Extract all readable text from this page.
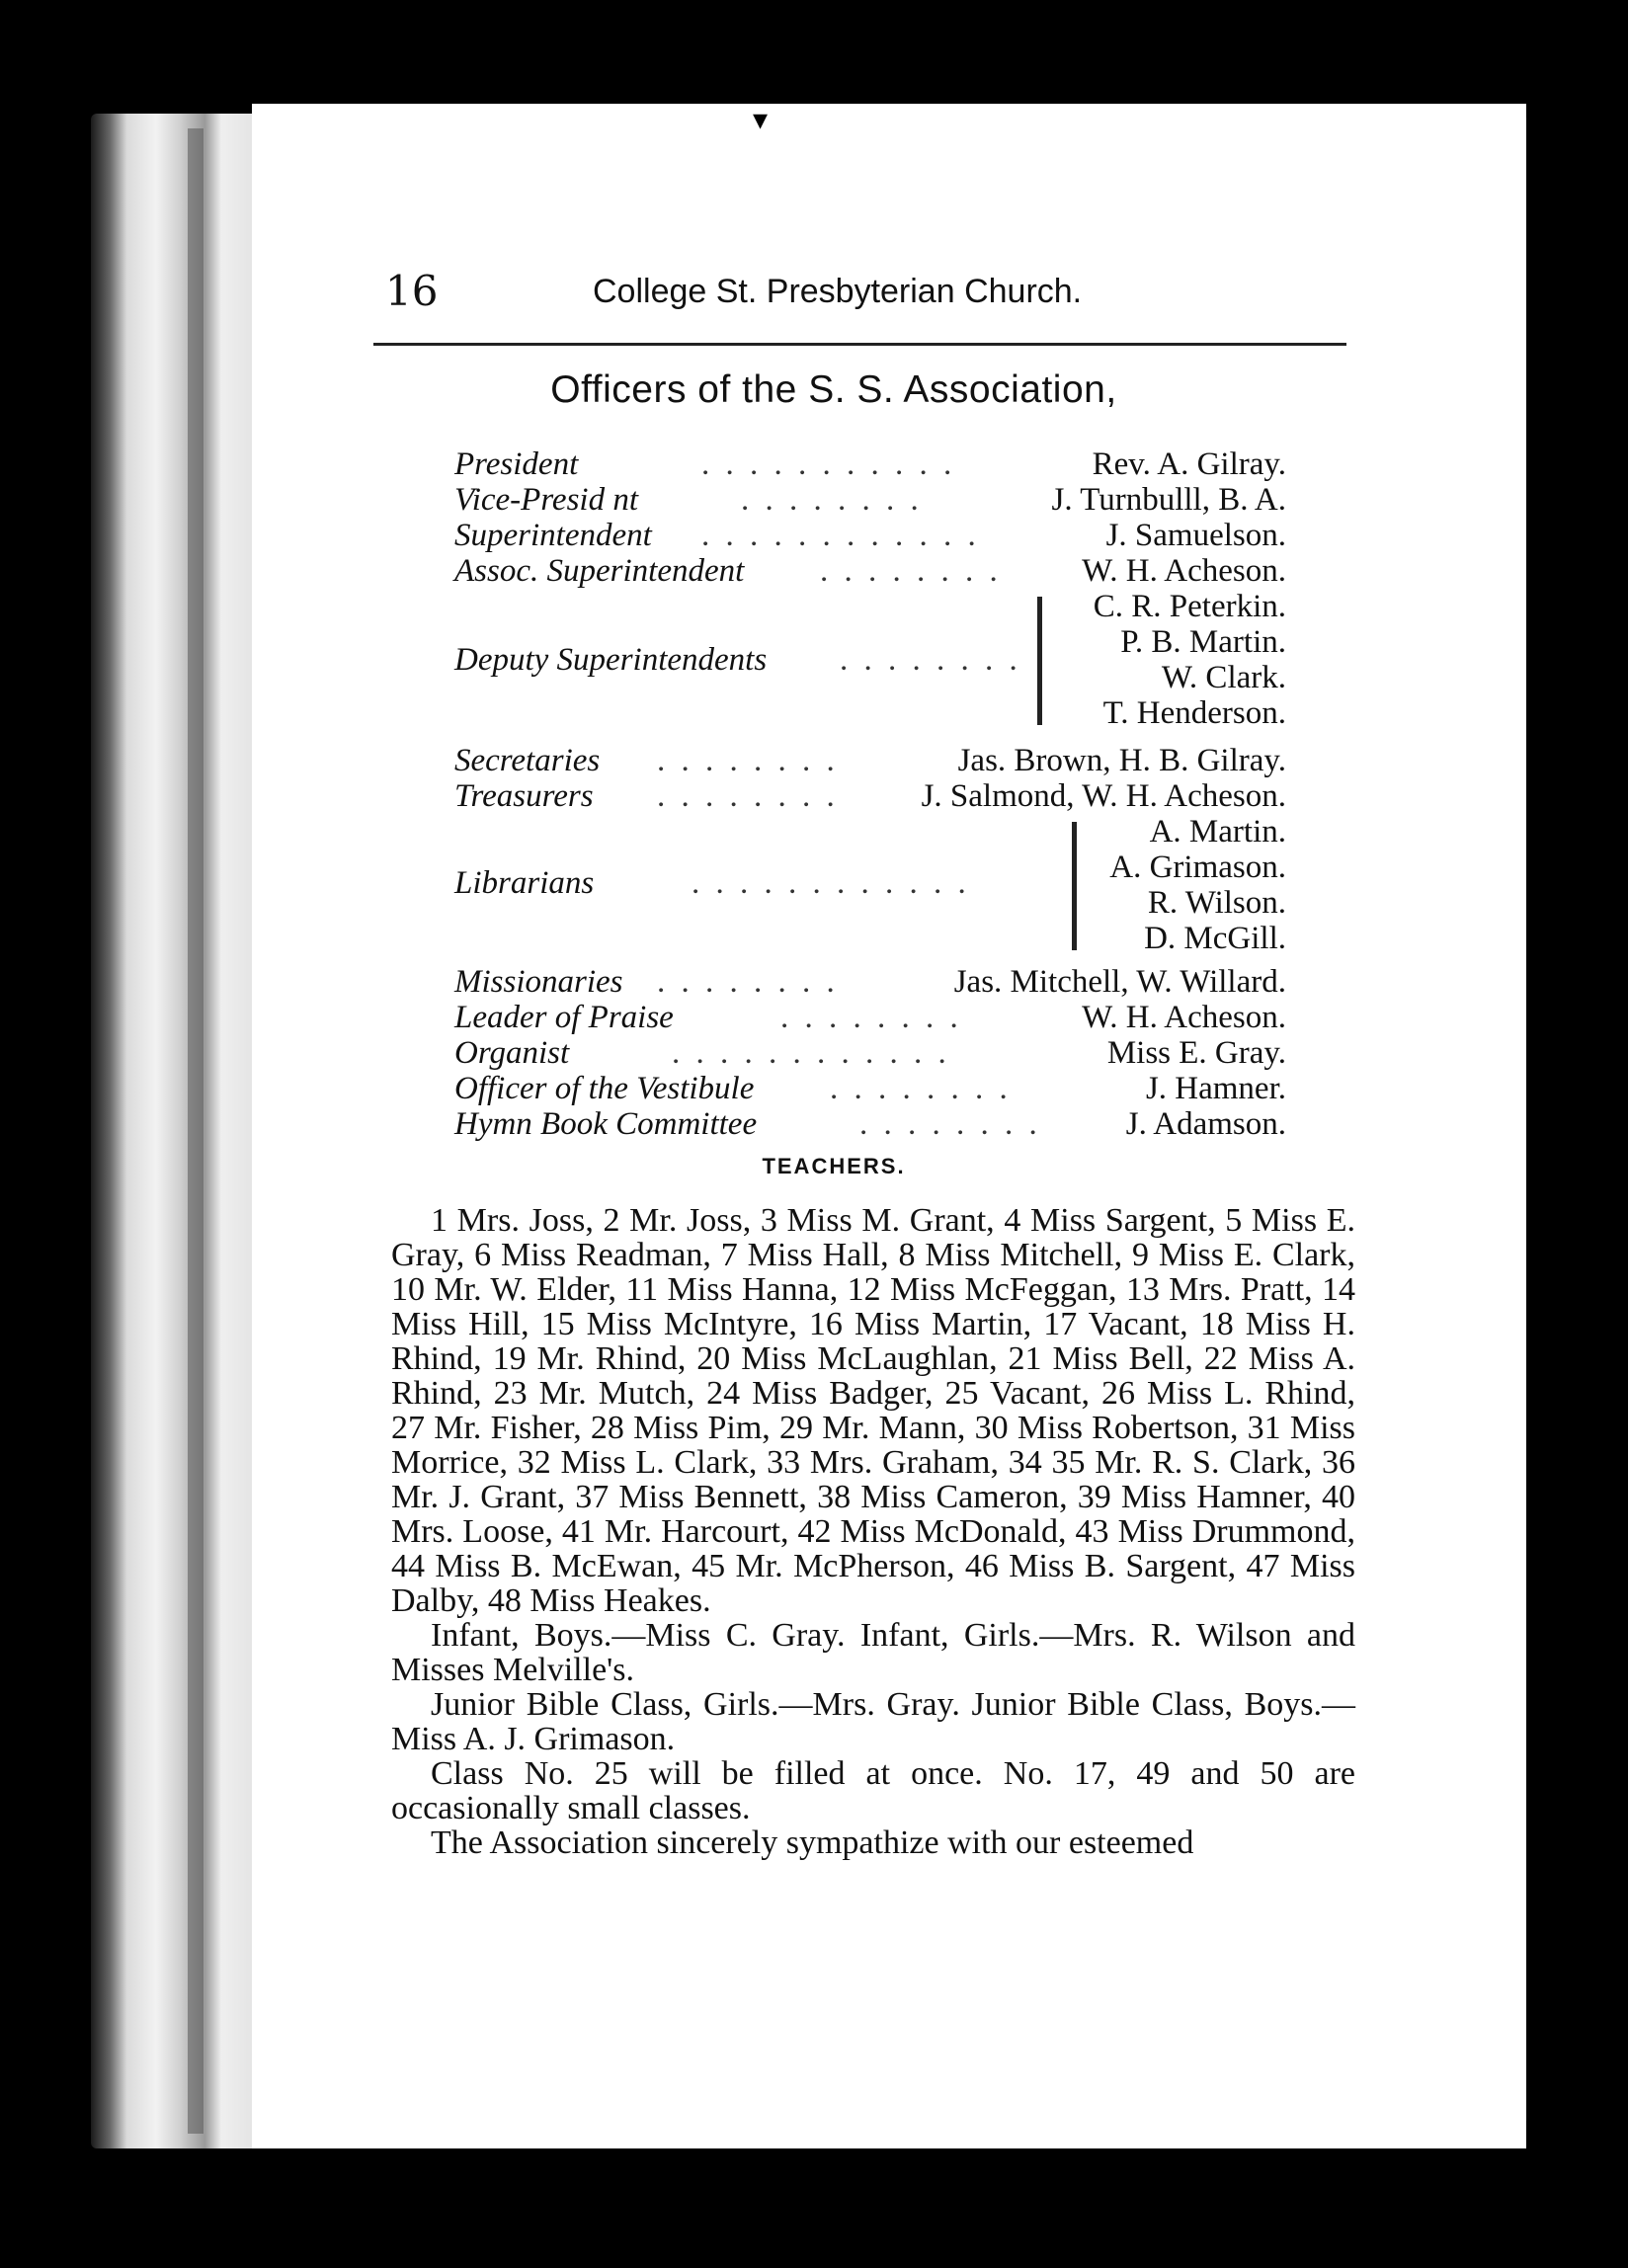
▾
16	College St. Presbyterian Church.
Officers of the S. S. Association,
President	. . . . . . . . . . .	Rev. A. Gilray.
Vice-Presid nt	. . . . . . . .	J. Turnbulll, B. A.
Superintendent . . . . . . . . . . . .	J. Samuelson.
Assoc. Superintendent . . . . . . . . W. H. Acheson.
Deputy Superintendents . . . . . . . .
C. R. Peterkin.
P. B. Martin.
W. Clark.
T. Henderson.
Secretaries . . . . . . . .	Jas. Brown, H. B. Gilray.
Treasurers . . . . . . . .	J. Salmond, W. H. Acheson.
Librarians	. . . . . . . . . . . .
A. Martin.
A. Grimason.
R. Wilson.
D. McGill.
Missionaries . . . . . . . .	Jas. Mitchell, W. Willard.
Leader of Praise	. . . . . . . .	W. H. Acheson.
Organist	. . . . . . . . . . . .	Miss E. Gray.
Officer of the Vestibule . . . . . . . .	J. Hamner.
Hymn Book Committee	. . . . . . . .	J. Adamson.
TEACHERS.

1 Mrs. Joss, 2 Mr. Joss, 3 Miss M. Grant, 4 Miss Sargent, 5 Miss E. Gray, 6 Miss Readman, 7 Miss Hall, 8 Miss Mitchell, 9 Miss E. Clark, 10 Mr. W. Elder, 11 Miss Hanna, 12 Miss McFeggan, 13 Mrs. Pratt, 14 Miss Hill, 15 Miss McIntyre, 16 Miss Martin, 17 Vacant, 18 Miss H. Rhind, 19 Mr. Rhind, 20 Miss McLaughlan, 21 Miss Bell, 22 Miss A. Rhind, 23 Mr. Mutch, 24 Miss Badger, 25 Vacant, 26 Miss L. Rhind, 27 Mr. Fisher, 28 Miss Pim, 29 Mr. Mann, 30 Miss Robertson, 31 Miss Morrice, 32 Miss L. Clark, 33 Mrs. Graham, 34 35 Mr. R. S. Clark, 36 Mr. J. Grant, 37 Miss Bennett, 38 Miss Cameron, 39 Miss Hamner, 40 Mrs. Loose, 41 Mr. Harcourt, 42 Miss McDonald, 43 Miss Drummond, 44 Miss B. McEwan, 45 Mr. McPherson, 46 Miss B. Sargent, 47 Miss Dalby, 48 Miss Heakes.

Infant, Boys.—Miss C. Gray. Infant, Girls.—Mrs. R. Wilson and Misses Melville's.

Junior Bible Class, Girls.—Mrs. Gray. Junior Bible Class, Boys.—Miss A. J. Grimason.

Class No. 25 will be filled at once. No. 17, 49 and 50 are occasionally small classes.

The Association sincerely sympathize with our esteemed
